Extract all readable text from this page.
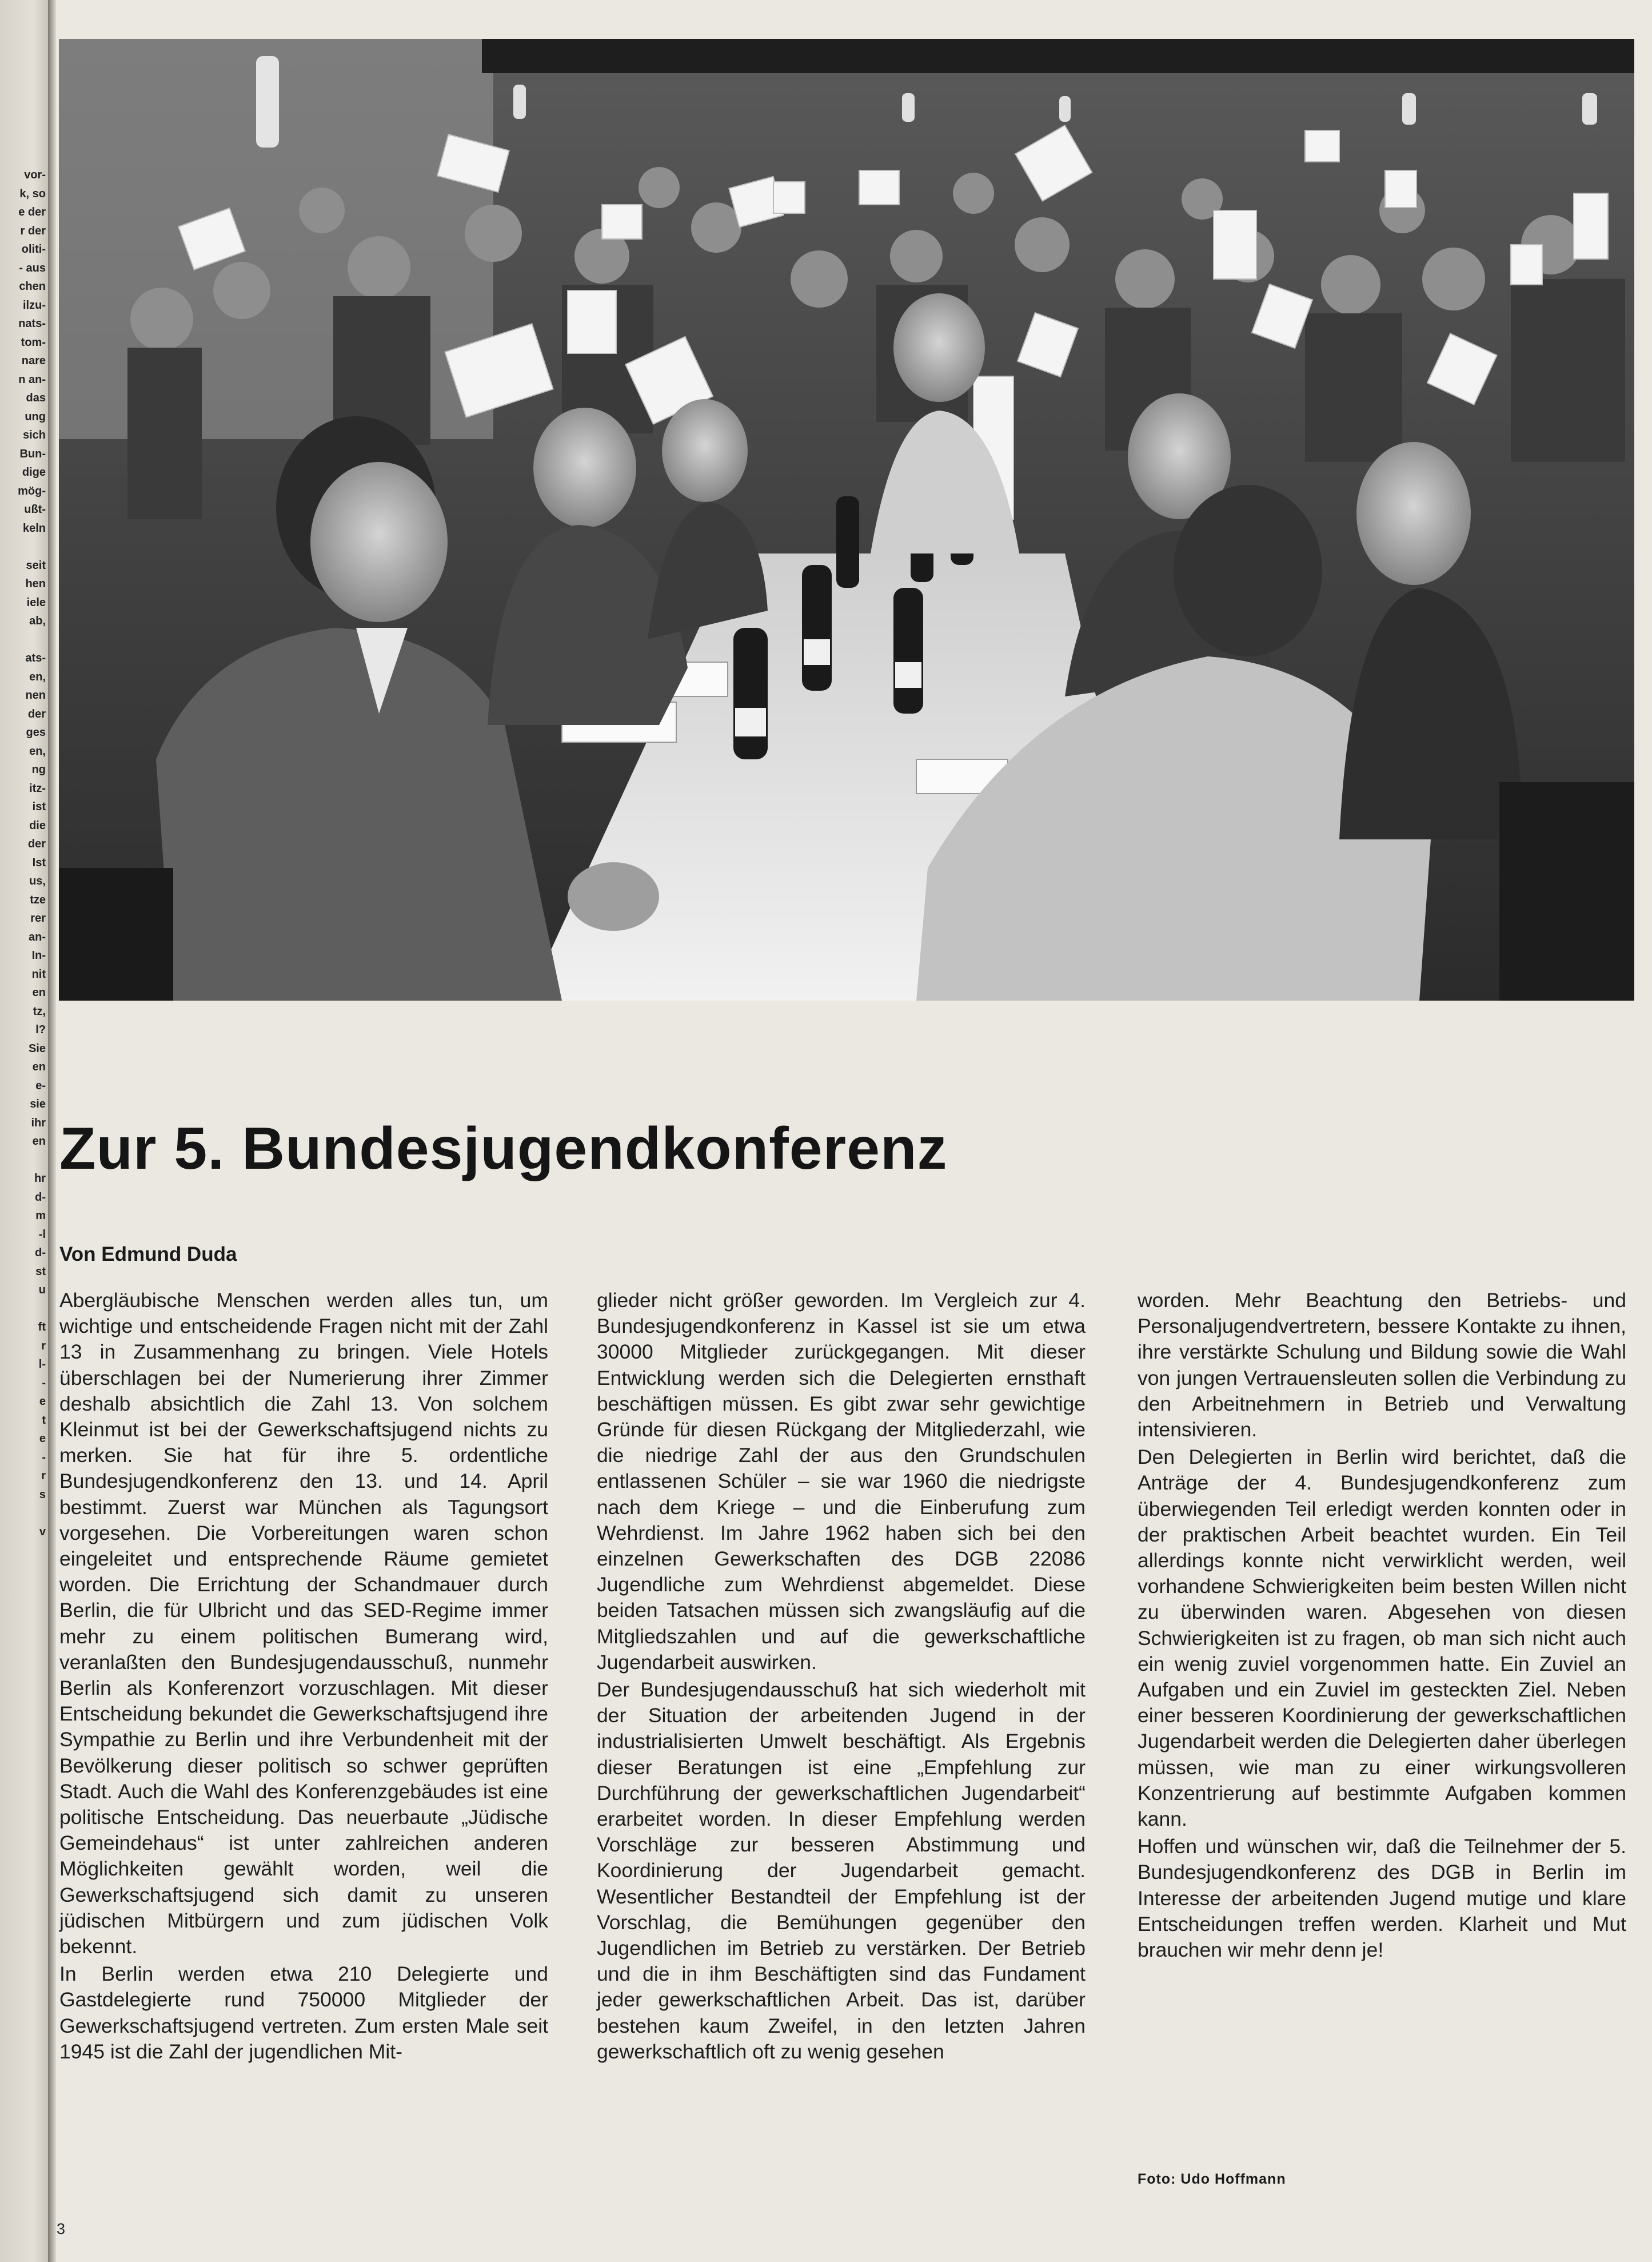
vor-
k, so
e der
r der
oliti-
- aus
chen
ilzu-
nats-
tom-
nare
n an-
das
ung
sich
Bun-
dige
mög-
ußt-
keln

seit
hen
iele
ab,

ats-
en,
nen
der
ges
en,
ng
itz-
ist
die
der
Ist
us,
tze
rer
an-
In-
nit
en
tz,
l?
Sie
en
e-
sie
ihr
en

hr
d-
m
-l
d-
st
u

ft
r
l-
-
e
t
e
-
r
s

v
Zur 5. Bundesjugendkonferenz
Von Edmund Duda

Abergläubische Menschen werden alles tun, um wichtige und entscheidende Fragen nicht mit der Zahl 13 in Zusammenhang zu bringen. Viele Hotels überschlagen bei der Numerierung ihrer Zimmer deshalb absichtlich die Zahl 13. Von solchem Kleinmut ist bei der Gewerkschaftsjugend nichts zu merken. Sie hat für ihre 5. ordentliche Bundesjugendkonferenz den 13. und 14. April bestimmt. Zuerst war München als Tagungsort vorgesehen. Die Vorbereitungen waren schon eingeleitet und entsprechende Räume gemietet worden. Die Errichtung der Schandmauer durch Berlin, die für Ulbricht und das SED-Regime immer mehr zu einem politischen Bumerang wird, veranlaßten den Bundesjugendausschuß, nunmehr Berlin als Konferenzort vorzuschlagen. Mit dieser Entscheidung bekundet die Gewerkschaftsjugend ihre Sympathie zu Berlin und ihre Verbundenheit mit der Bevölkerung dieser politisch so schwer geprüften Stadt. Auch die Wahl des Konferenzgebäudes ist eine politische Entscheidung. Das neuerbaute „Jüdische Gemeindehaus“ ist unter zahlreichen anderen Möglichkeiten gewählt worden, weil die Gewerkschaftsjugend sich damit zu unseren jüdischen Mitbürgern und zum jüdischen Volk bekennt.

In Berlin werden etwa 210 Delegierte und Gastdelegierte rund 750000 Mitglieder der Gewerkschaftsjugend vertreten. Zum ersten Male seit 1945 ist die Zahl der jugendlichen Mit-

glieder nicht größer geworden. Im Vergleich zur 4. Bundesjugendkonferenz in Kassel ist sie um etwa 30000 Mitglieder zurückgegangen. Mit dieser Entwicklung werden sich die Delegierten ernsthaft beschäftigen müssen. Es gibt zwar sehr gewichtige Gründe für diesen Rückgang der Mitgliederzahl, wie die niedrige Zahl der aus den Grundschulen entlassenen Schüler – sie war 1960 die niedrigste nach dem Kriege – und die Einberufung zum Wehrdienst. Im Jahre 1962 haben sich bei den einzelnen Gewerkschaften des DGB 22086 Jugendliche zum Wehrdienst abgemeldet. Diese beiden Tatsachen müssen sich zwangsläufig auf die Mitgliedszahlen und auf die gewerkschaftliche Jugendarbeit auswirken.

Der Bundesjugendausschuß hat sich wiederholt mit der Situation der arbeitenden Jugend in der industrialisierten Umwelt beschäftigt. Als Ergebnis dieser Beratungen ist eine „Empfehlung zur Durchführung der gewerkschaftlichen Jugendarbeit“ erarbeitet worden. In dieser Empfehlung werden Vorschläge zur besseren Abstimmung und Koordinierung der Jugendarbeit gemacht. Wesentlicher Bestandteil der Empfehlung ist der Vorschlag, die Bemühungen gegenüber den Jugendlichen im Betrieb zu verstärken. Der Betrieb und die in ihm Beschäftigten sind das Fundament jeder gewerkschaftlichen Arbeit. Das ist, darüber bestehen kaum Zweifel, in den letzten Jahren gewerkschaftlich oft zu wenig gesehen

worden. Mehr Beachtung den Betriebs- und Personaljugendvertretern, bessere Kontakte zu ihnen, ihre verstärkte Schulung und Bildung sowie die Wahl von jungen Vertrauensleuten sollen die Verbindung zu den Arbeitnehmern in Betrieb und Verwaltung intensivieren.

Den Delegierten in Berlin wird berichtet, daß die Anträge der 4. Bundesjugendkonferenz zum überwiegenden Teil erledigt werden konnten oder in der praktischen Arbeit beachtet wurden. Ein Teil allerdings konnte nicht verwirklicht werden, weil vorhandene Schwierigkeiten beim besten Willen nicht zu überwinden waren. Abgesehen von diesen Schwierigkeiten ist zu fragen, ob man sich nicht auch ein wenig zuviel vorgenommen hatte. Ein Zuviel an Aufgaben und ein Zuviel im gesteckten Ziel. Neben einer besseren Koordinierung der gewerkschaftlichen Jugendarbeit werden die Delegierten daher überlegen müssen, wie man zu einer wirkungsvolleren Konzentrierung auf bestimmte Aufgaben kommen kann.

Hoffen und wünschen wir, daß die Teilnehmer der 5. Bundesjugendkonferenz des DGB in Berlin im Interesse der arbeitenden Jugend mutige und klare Entscheidungen treffen werden. Klarheit und Mut brauchen wir mehr denn je!

Foto: Udo Hoffmann
3
